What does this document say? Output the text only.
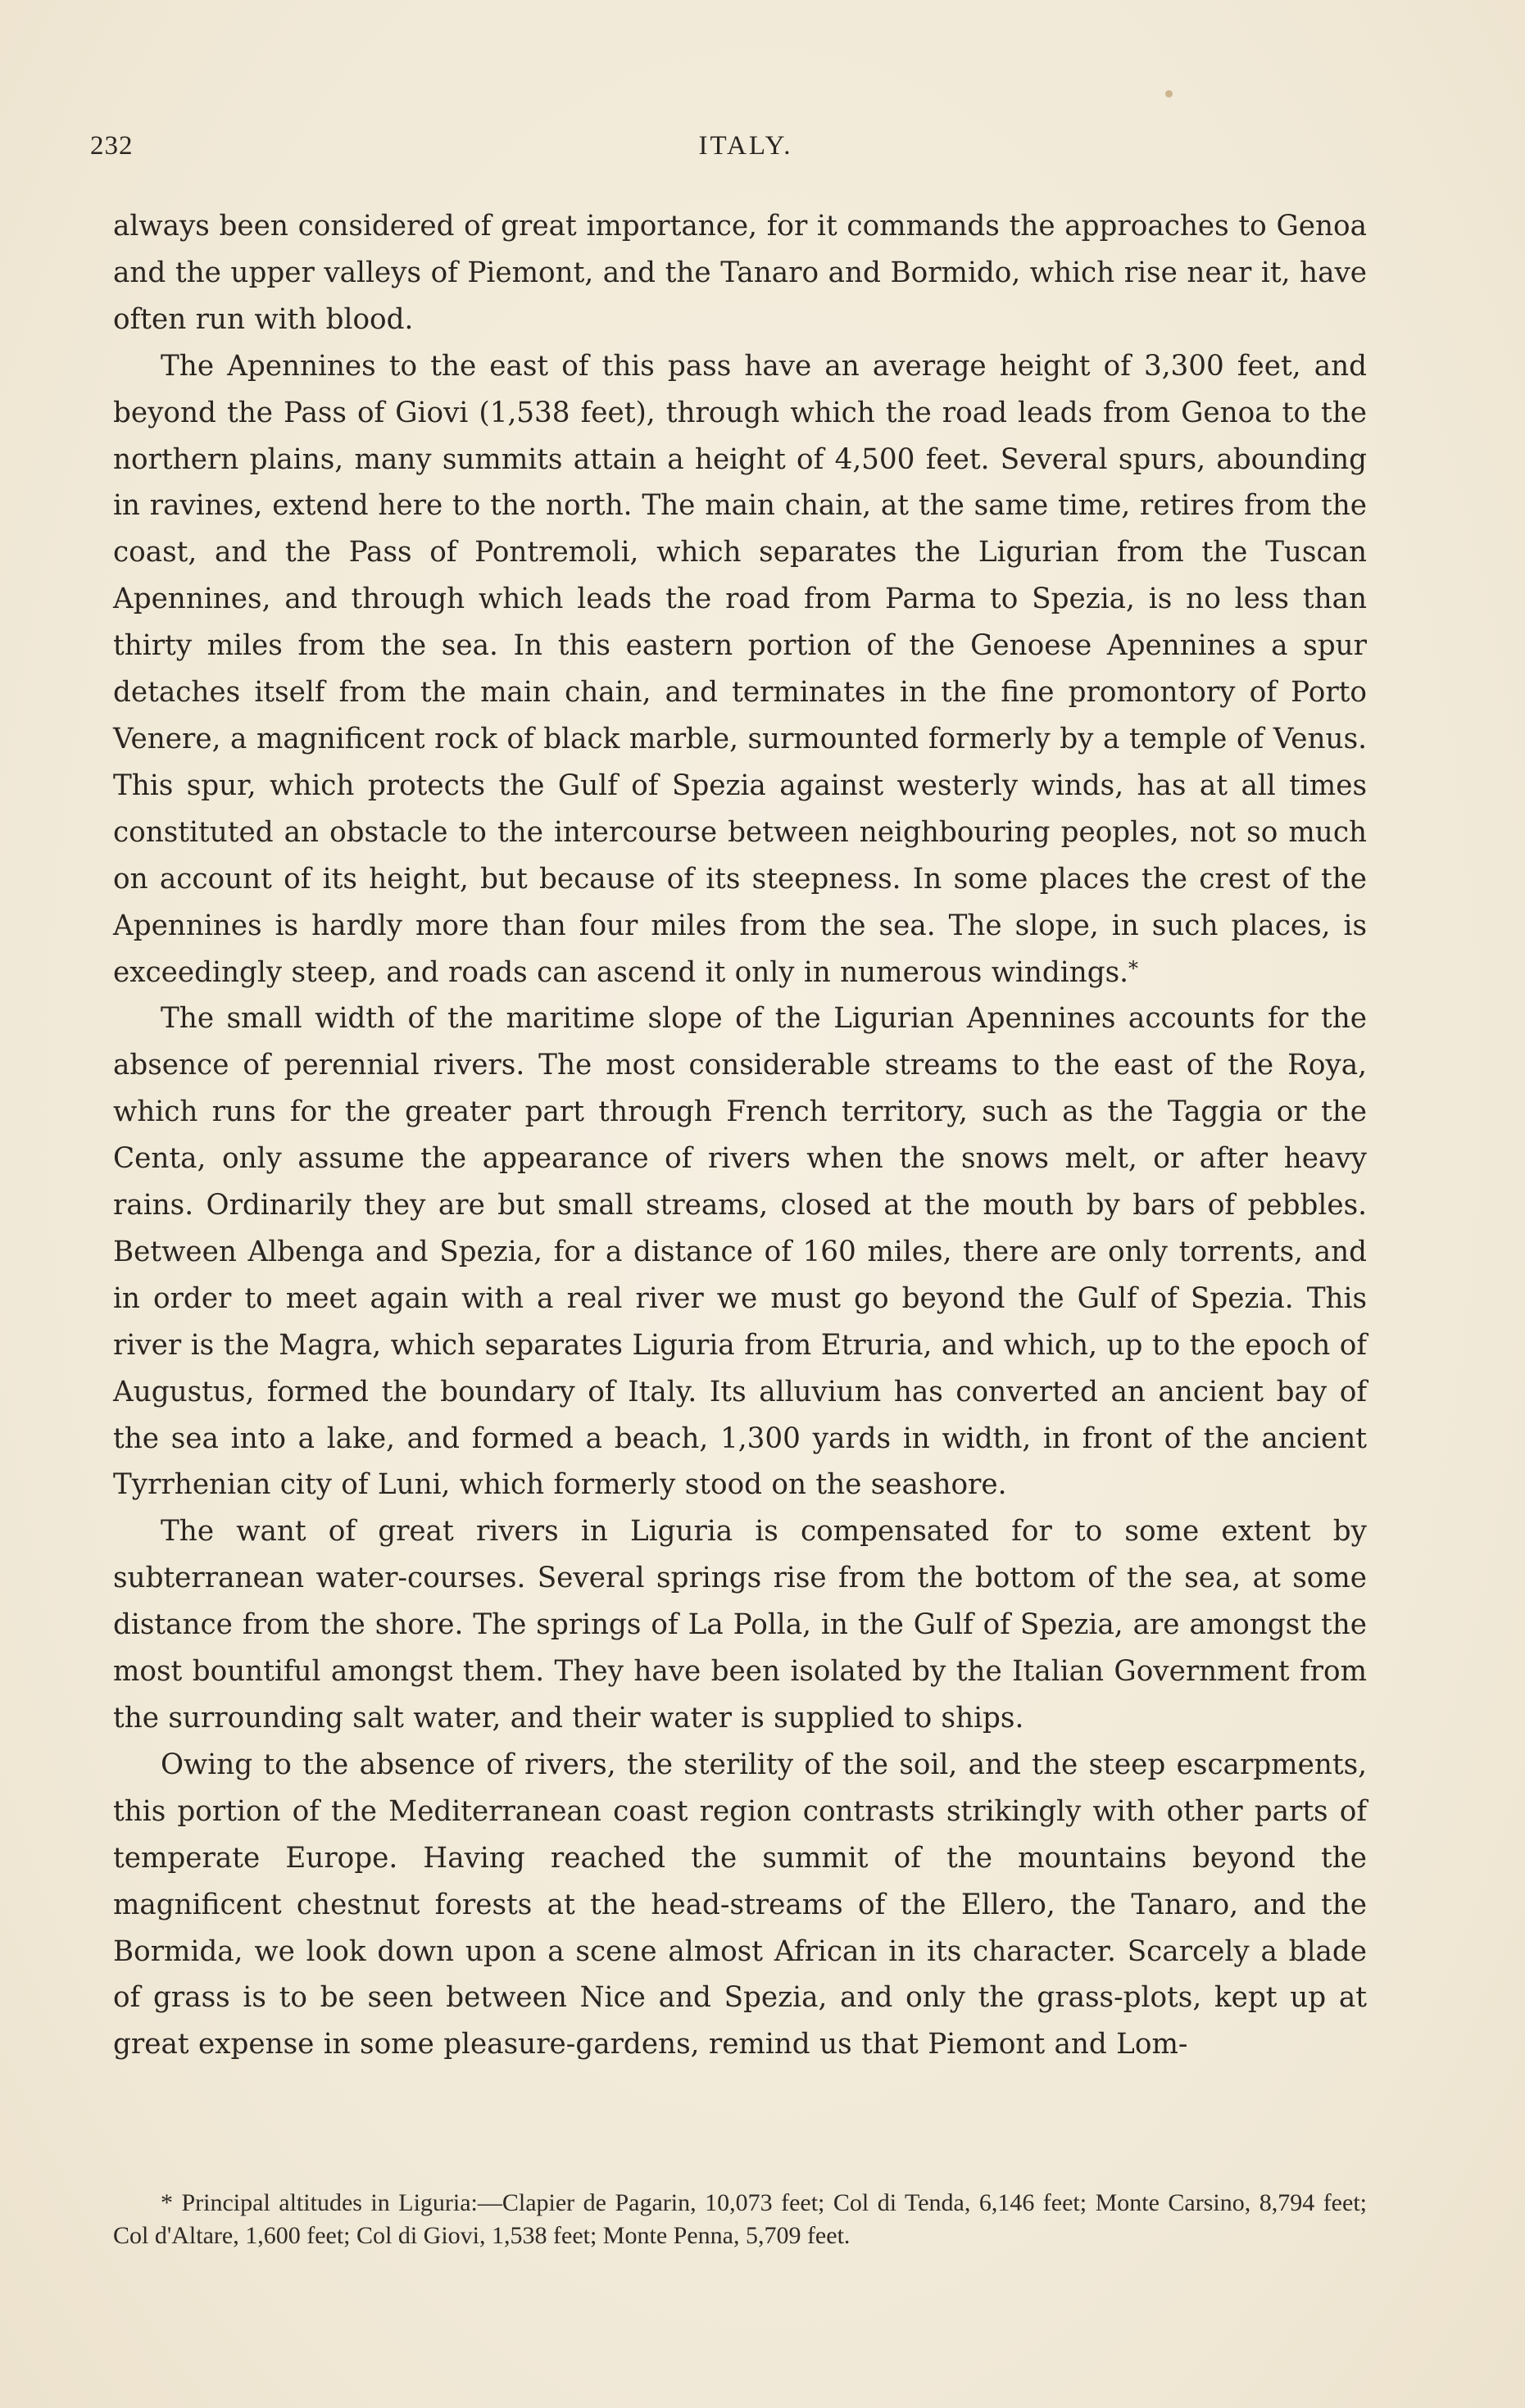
232	ITALY.

always been considered of great importance, for it commands the approaches to Genoa and the upper valleys of Piemont, and the Tanaro and Bormido, which rise near it, have often run with blood.

The Apennines to the east of this pass have an average height of 3,300 feet, and beyond the Pass of Giovi (1,538 feet), through which the road leads from Genoa to the northern plains, many summits attain a height of 4,500 feet. Several spurs, abounding in ravines, extend here to the north. The main chain, at the same time, retires from the coast, and the Pass of Pontremoli, which separates the Ligurian from the Tuscan Apennines, and through which leads the road from Parma to Spezia, is no less than thirty miles from the sea. In this eastern portion of the Genoese Apennines a spur detaches itself from the main chain, and terminates in the fine promontory of Porto Venere, a magnificent rock of black marble, surmounted formerly by a temple of Venus. This spur, which protects the Gulf of Spezia against westerly winds, has at all times constituted an obstacle to the intercourse between neighbouring peoples, not so much on account of its height, but because of its steepness. In some places the crest of the Apennines is hardly more than four miles from the sea. The slope, in such places, is exceedingly steep, and roads can ascend it only in numerous windings.*

The small width of the maritime slope of the Ligurian Apennines accounts for the absence of perennial rivers. The most considerable streams to the east of the Roya, which runs for the greater part through French territory, such as the Taggia or the Centa, only assume the appearance of rivers when the snows melt, or after heavy rains. Ordinarily they are but small streams, closed at the mouth by bars of pebbles. Between Albenga and Spezia, for a distance of 160 miles, there are only torrents, and in order to meet again with a real river we must go beyond the Gulf of Spezia. This river is the Magra, which separates Liguria from Etruria, and which, up to the epoch of Augustus, formed the boundary of Italy. Its alluvium has converted an ancient bay of the sea into a lake, and formed a beach, 1,300 yards in width, in front of the ancient Tyrrhenian city of Luni, which formerly stood on the seashore.

The want of great rivers in Liguria is compensated for to some extent by subterranean water-courses. Several springs rise from the bottom of the sea, at some distance from the shore. The springs of La Polla, in the Gulf of Spezia, are amongst the most bountiful amongst them. They have been isolated by the Italian Government from the surrounding salt water, and their water is supplied to ships.

Owing to the absence of rivers, the sterility of the soil, and the steep escarpments, this portion of the Mediterranean coast region contrasts strikingly with other parts of temperate Europe. Having reached the summit of the mountains beyond the magnificent chestnut forests at the head-streams of the Ellero, the Tanaro, and the Bormida, we look down upon a scene almost African in its character. Scarcely a blade of grass is to be seen between Nice and Spezia, and only the grass-plots, kept up at great expense in some pleasure-gardens, remind us that Piemont and Lom-

* Principal altitudes in Liguria:—Clapier de Pagarin, 10,073 feet; Col di Tenda, 6,146 feet; Monte Carsino, 8,794 feet; Col d'Altare, 1,600 feet; Col di Giovi, 1,538 feet; Monte Penna, 5,709 feet.
